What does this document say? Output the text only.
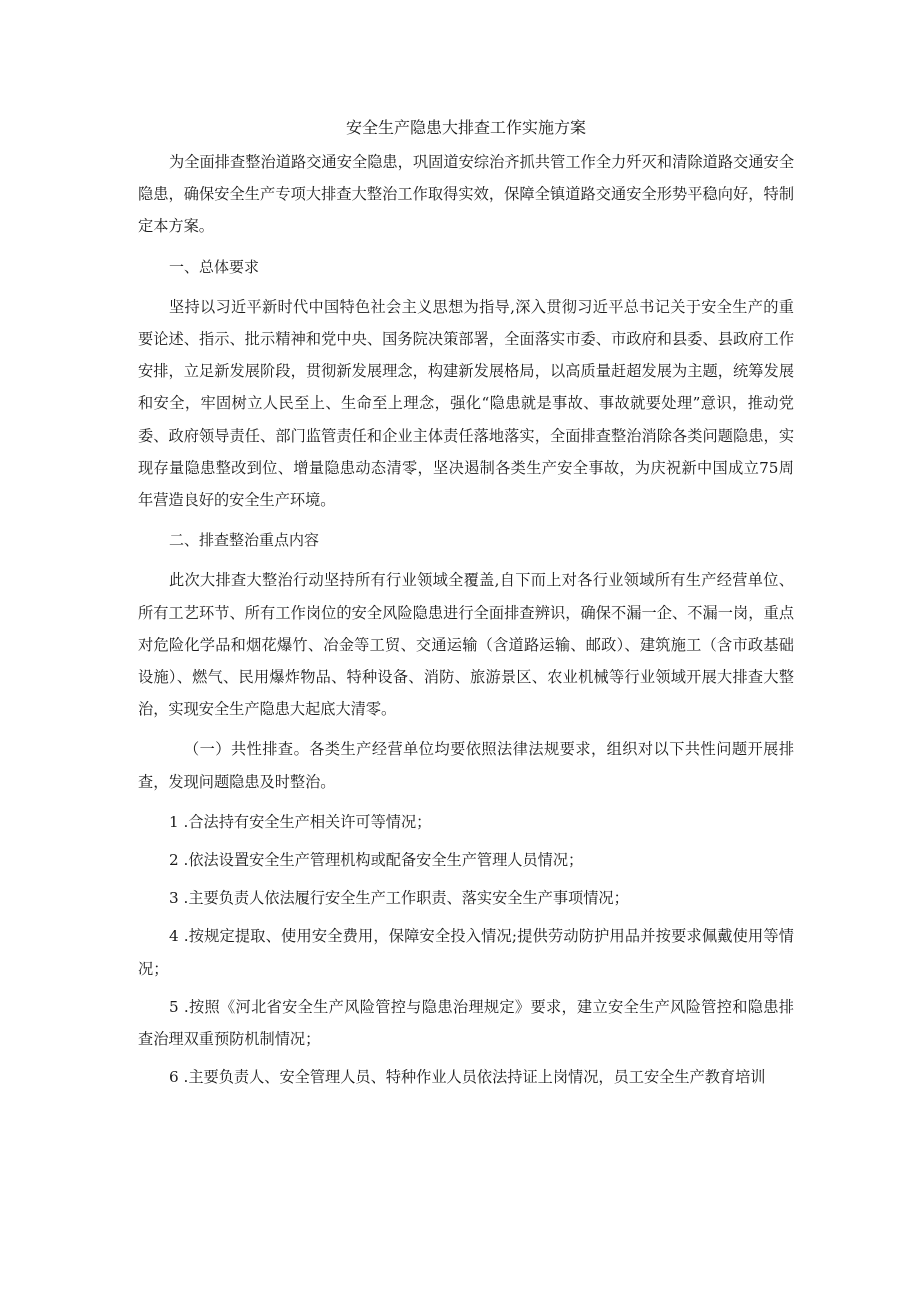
安全生产隐患大排查工作实施方案

为全面排查整治道路交通安全隐患，巩固道安综治齐抓共管工作全力歼灭和清除道路交通安全隐患，确保安全生产专项大排查大整治工作取得实效，保障全镇道路交通安全形势平稳向好，特制定本方案。

一、总体要求

坚持以习近平新时代中国特色社会主义思想为指导,深入贯彻习近平总书记关于安全生产的重要论述、指示、批示精神和党中央、国务院决策部署，全面落实市委、市政府和县委、县政府工作安排，立足新发展阶段，贯彻新发展理念，构建新发展格局，以高质量赶超发展为主题，统筹发展和安全，牢固树立人民至上、生命至上理念，强化“隐患就是事故、事故就要处理”意识，推动党委、政府领导责任、部门监管责任和企业主体责任落地落实，全面排查整治消除各类问题隐患，实现存量隐患整改到位、增量隐患动态清零，坚决遏制各类生产安全事故，为庆祝新中国成立75周年营造良好的安全生产环境。

二、排查整治重点内容

此次大排查大整治行动坚持所有行业领域全覆盖,自下而上对各行业领域所有生产经营单位、所有工艺环节、所有工作岗位的安全风险隐患进行全面排查辨识，确保不漏一企、不漏一岗，重点对危险化学品和烟花爆竹、冶金等工贸、交通运输（含道路运输、邮政）、建筑施工（含市政基础设施）、燃气、民用爆炸物品、特种设备、消防、旅游景区、农业机械等行业领域开展大排查大整治，实现安全生产隐患大起底大清零。

（一）共性排查。各类生产经营单位均要依照法律法规要求，组织对以下共性问题开展排查，发现问题隐患及时整治。

1 .合法持有安全生产相关许可等情况；

2 .依法设置安全生产管理机构或配备安全生产管理人员情况；

3 .主要负责人依法履行安全生产工作职责、落实安全生产事项情况；

4 .按规定提取、使用安全费用，保障安全投入情况;提供劳动防护用品并按要求佩戴使用等情况；

5 .按照《河北省安全生产风险管控与隐患治理规定》要求，建立安全生产风险管控和隐患排查治理双重预防机制情况；

6 .主要负责人、安全管理人员、特种作业人员依法持证上岗情况，员工安全生产教育培训
